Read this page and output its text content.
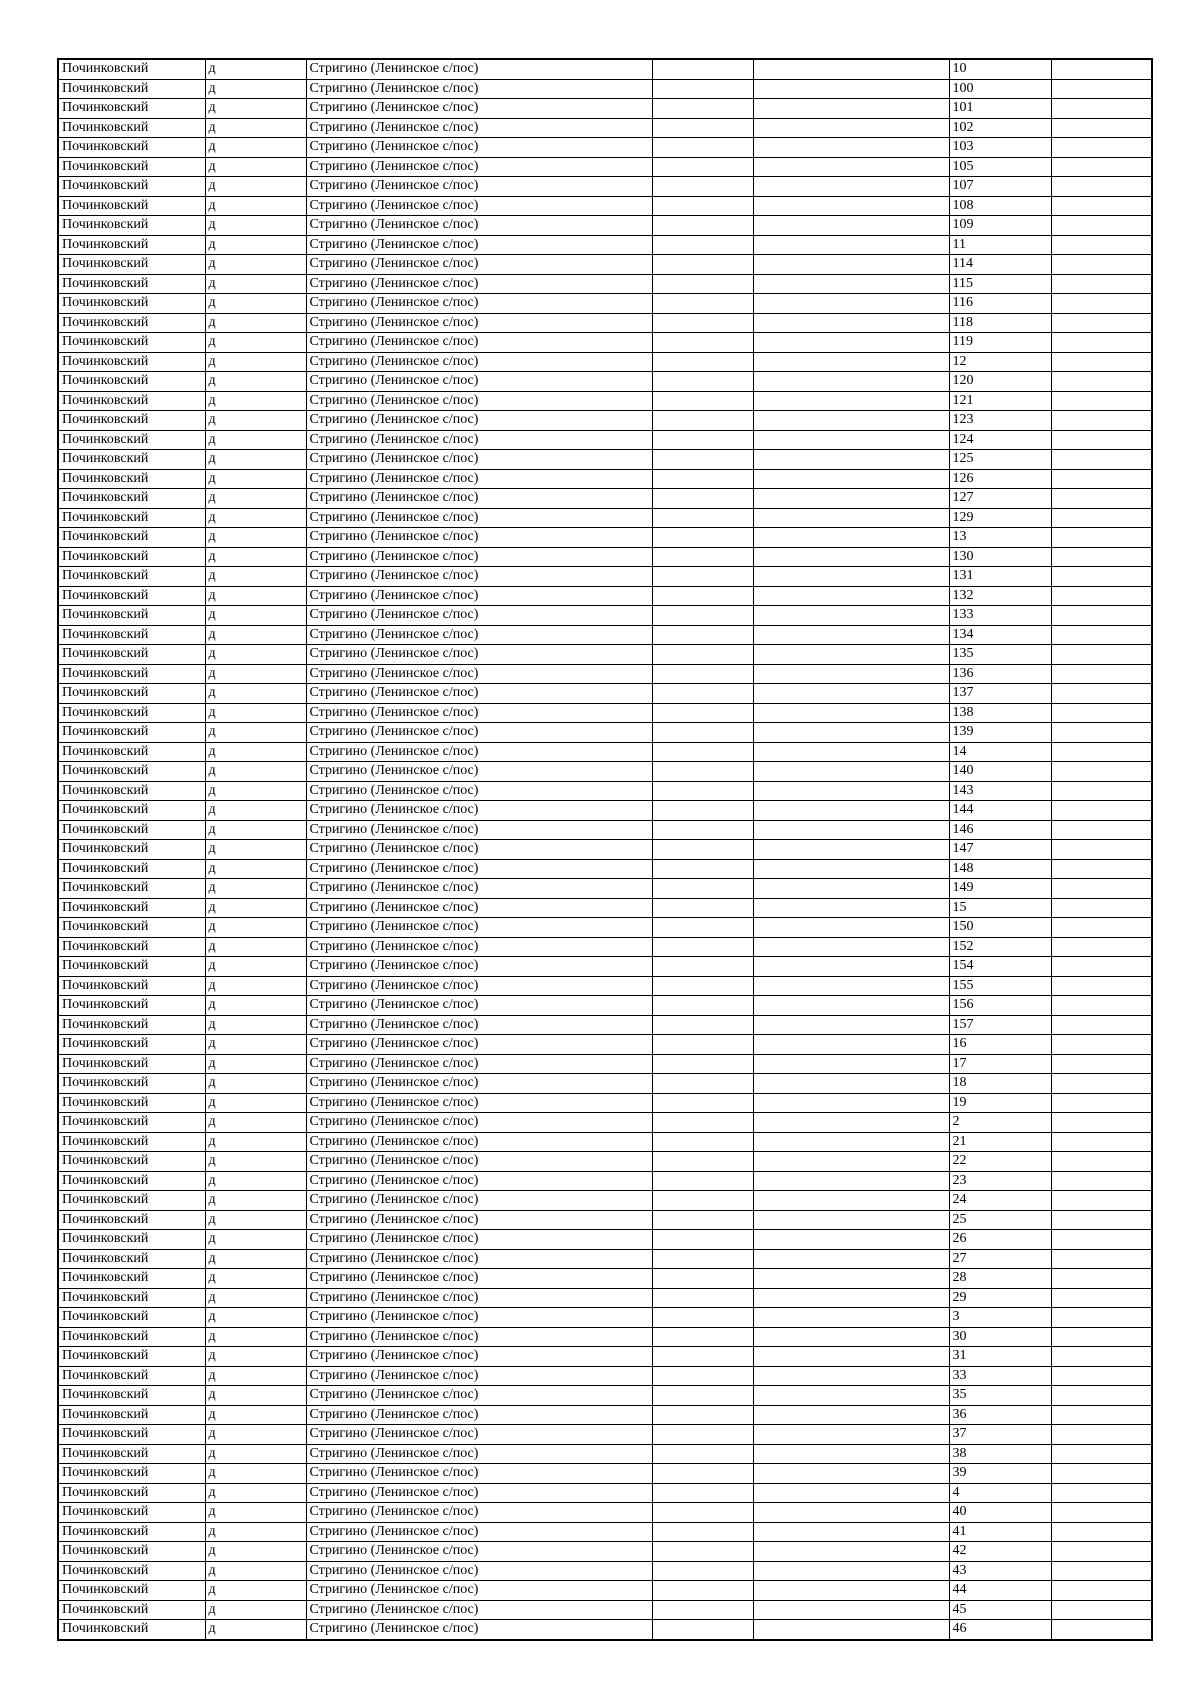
Починковский	д	Стригино (Ленинское с/пос)			10	
Починковский	д	Стригино (Ленинское с/пос)			100	
Починковский	д	Стригино (Ленинское с/пос)			101	
Починковский	д	Стригино (Ленинское с/пос)			102	
Починковский	д	Стригино (Ленинское с/пос)			103	
Починковский	д	Стригино (Ленинское с/пос)			105	
Починковский	д	Стригино (Ленинское с/пос)			107	
Починковский	д	Стригино (Ленинское с/пос)			108	
Починковский	д	Стригино (Ленинское с/пос)			109	
Починковский	д	Стригино (Ленинское с/пос)			11	
Починковский	д	Стригино (Ленинское с/пос)			114	
Починковский	д	Стригино (Ленинское с/пос)			115	
Починковский	д	Стригино (Ленинское с/пос)			116	
Починковский	д	Стригино (Ленинское с/пос)			118	
Починковский	д	Стригино (Ленинское с/пос)			119	
Починковский	д	Стригино (Ленинское с/пос)			12	
Починковский	д	Стригино (Ленинское с/пос)			120	
Починковский	д	Стригино (Ленинское с/пос)			121	
Починковский	д	Стригино (Ленинское с/пос)			123	
Починковский	д	Стригино (Ленинское с/пос)			124	
Починковский	д	Стригино (Ленинское с/пос)			125	
Починковский	д	Стригино (Ленинское с/пос)			126	
Починковский	д	Стригино (Ленинское с/пос)			127	
Починковский	д	Стригино (Ленинское с/пос)			129	
Починковский	д	Стригино (Ленинское с/пос)			13	
Починковский	д	Стригино (Ленинское с/пос)			130	
Починковский	д	Стригино (Ленинское с/пос)			131	
Починковский	д	Стригино (Ленинское с/пос)			132	
Починковский	д	Стригино (Ленинское с/пос)			133	
Починковский	д	Стригино (Ленинское с/пос)			134	
Починковский	д	Стригино (Ленинское с/пос)			135	
Починковский	д	Стригино (Ленинское с/пос)			136	
Починковский	д	Стригино (Ленинское с/пос)			137	
Починковский	д	Стригино (Ленинское с/пос)			138	
Починковский	д	Стригино (Ленинское с/пос)			139	
Починковский	д	Стригино (Ленинское с/пос)			14	
Починковский	д	Стригино (Ленинское с/пос)			140	
Починковский	д	Стригино (Ленинское с/пос)			143	
Починковский	д	Стригино (Ленинское с/пос)			144	
Починковский	д	Стригино (Ленинское с/пос)			146	
Починковский	д	Стригино (Ленинское с/пос)			147	
Починковский	д	Стригино (Ленинское с/пос)			148	
Починковский	д	Стригино (Ленинское с/пос)			149	
Починковский	д	Стригино (Ленинское с/пос)			15	
Починковский	д	Стригино (Ленинское с/пос)			150	
Починковский	д	Стригино (Ленинское с/пос)			152	
Починковский	д	Стригино (Ленинское с/пос)			154	
Починковский	д	Стригино (Ленинское с/пос)			155	
Починковский	д	Стригино (Ленинское с/пос)			156	
Починковский	д	Стригино (Ленинское с/пос)			157	
Починковский	д	Стригино (Ленинское с/пос)			16	
Починковский	д	Стригино (Ленинское с/пос)			17	
Починковский	д	Стригино (Ленинское с/пос)			18	
Починковский	д	Стригино (Ленинское с/пос)			19	
Починковский	д	Стригино (Ленинское с/пос)			2	
Починковский	д	Стригино (Ленинское с/пос)			21	
Починковский	д	Стригино (Ленинское с/пос)			22	
Починковский	д	Стригино (Ленинское с/пос)			23	
Починковский	д	Стригино (Ленинское с/пос)			24	
Починковский	д	Стригино (Ленинское с/пос)			25	
Починковский	д	Стригино (Ленинское с/пос)			26	
Починковский	д	Стригино (Ленинское с/пос)			27	
Починковский	д	Стригино (Ленинское с/пос)			28	
Починковский	д	Стригино (Ленинское с/пос)			29	
Починковский	д	Стригино (Ленинское с/пос)			3	
Починковский	д	Стригино (Ленинское с/пос)			30	
Починковский	д	Стригино (Ленинское с/пос)			31	
Починковский	д	Стригино (Ленинское с/пос)			33	
Починковский	д	Стригино (Ленинское с/пос)			35	
Починковский	д	Стригино (Ленинское с/пос)			36	
Починковский	д	Стригино (Ленинское с/пос)			37	
Починковский	д	Стригино (Ленинское с/пос)			38	
Починковский	д	Стригино (Ленинское с/пос)			39	
Починковский	д	Стригино (Ленинское с/пос)			4	
Починковский	д	Стригино (Ленинское с/пос)			40	
Починковский	д	Стригино (Ленинское с/пос)			41	
Починковский	д	Стригино (Ленинское с/пос)			42	
Починковский	д	Стригино (Ленинское с/пос)			43	
Починковский	д	Стригино (Ленинское с/пос)			44	
Починковский	д	Стригино (Ленинское с/пос)			45	
Починковский	д	Стригино (Ленинское с/пос)			46	
